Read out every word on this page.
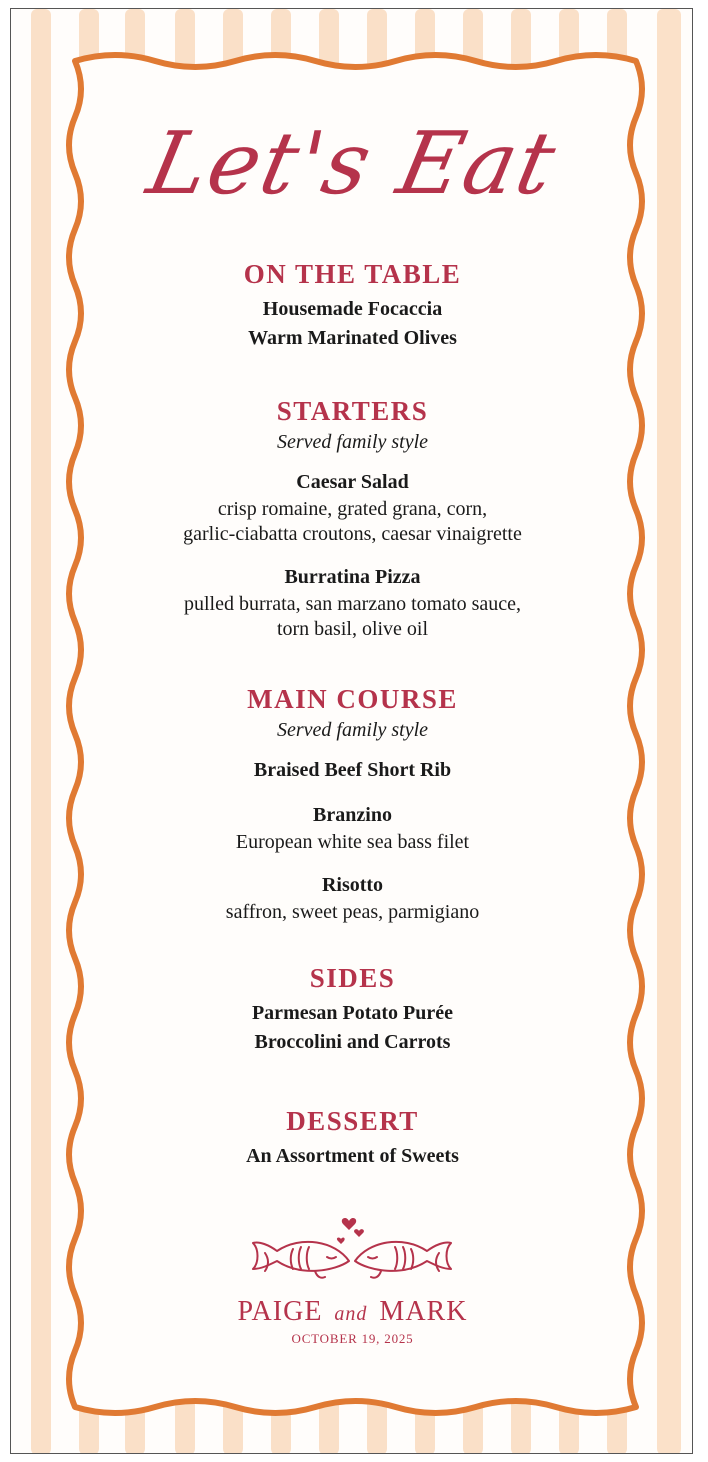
Let's Eat
ON THE TABLE
Housemade Focaccia
Warm Marinated Olives
STARTERS
Served family style
Caesar Salad
crisp romaine, grated grana, corn,
garlic-ciabatta croutons, caesar vinaigrette
Burratina Pizza
pulled burrata, san marzano tomato sauce,
torn basil, olive oil
MAIN COURSE
Served family style
Braised Beef Short Rib
Branzino
European white sea bass filet
Risotto
saffron, sweet peas, parmigiano
SIDES
Parmesan Potato Purée
Broccolini and Carrots
DESSERT
An Assortment of Sweets
PAIGE and MARK
OCTOBER 19, 2025
